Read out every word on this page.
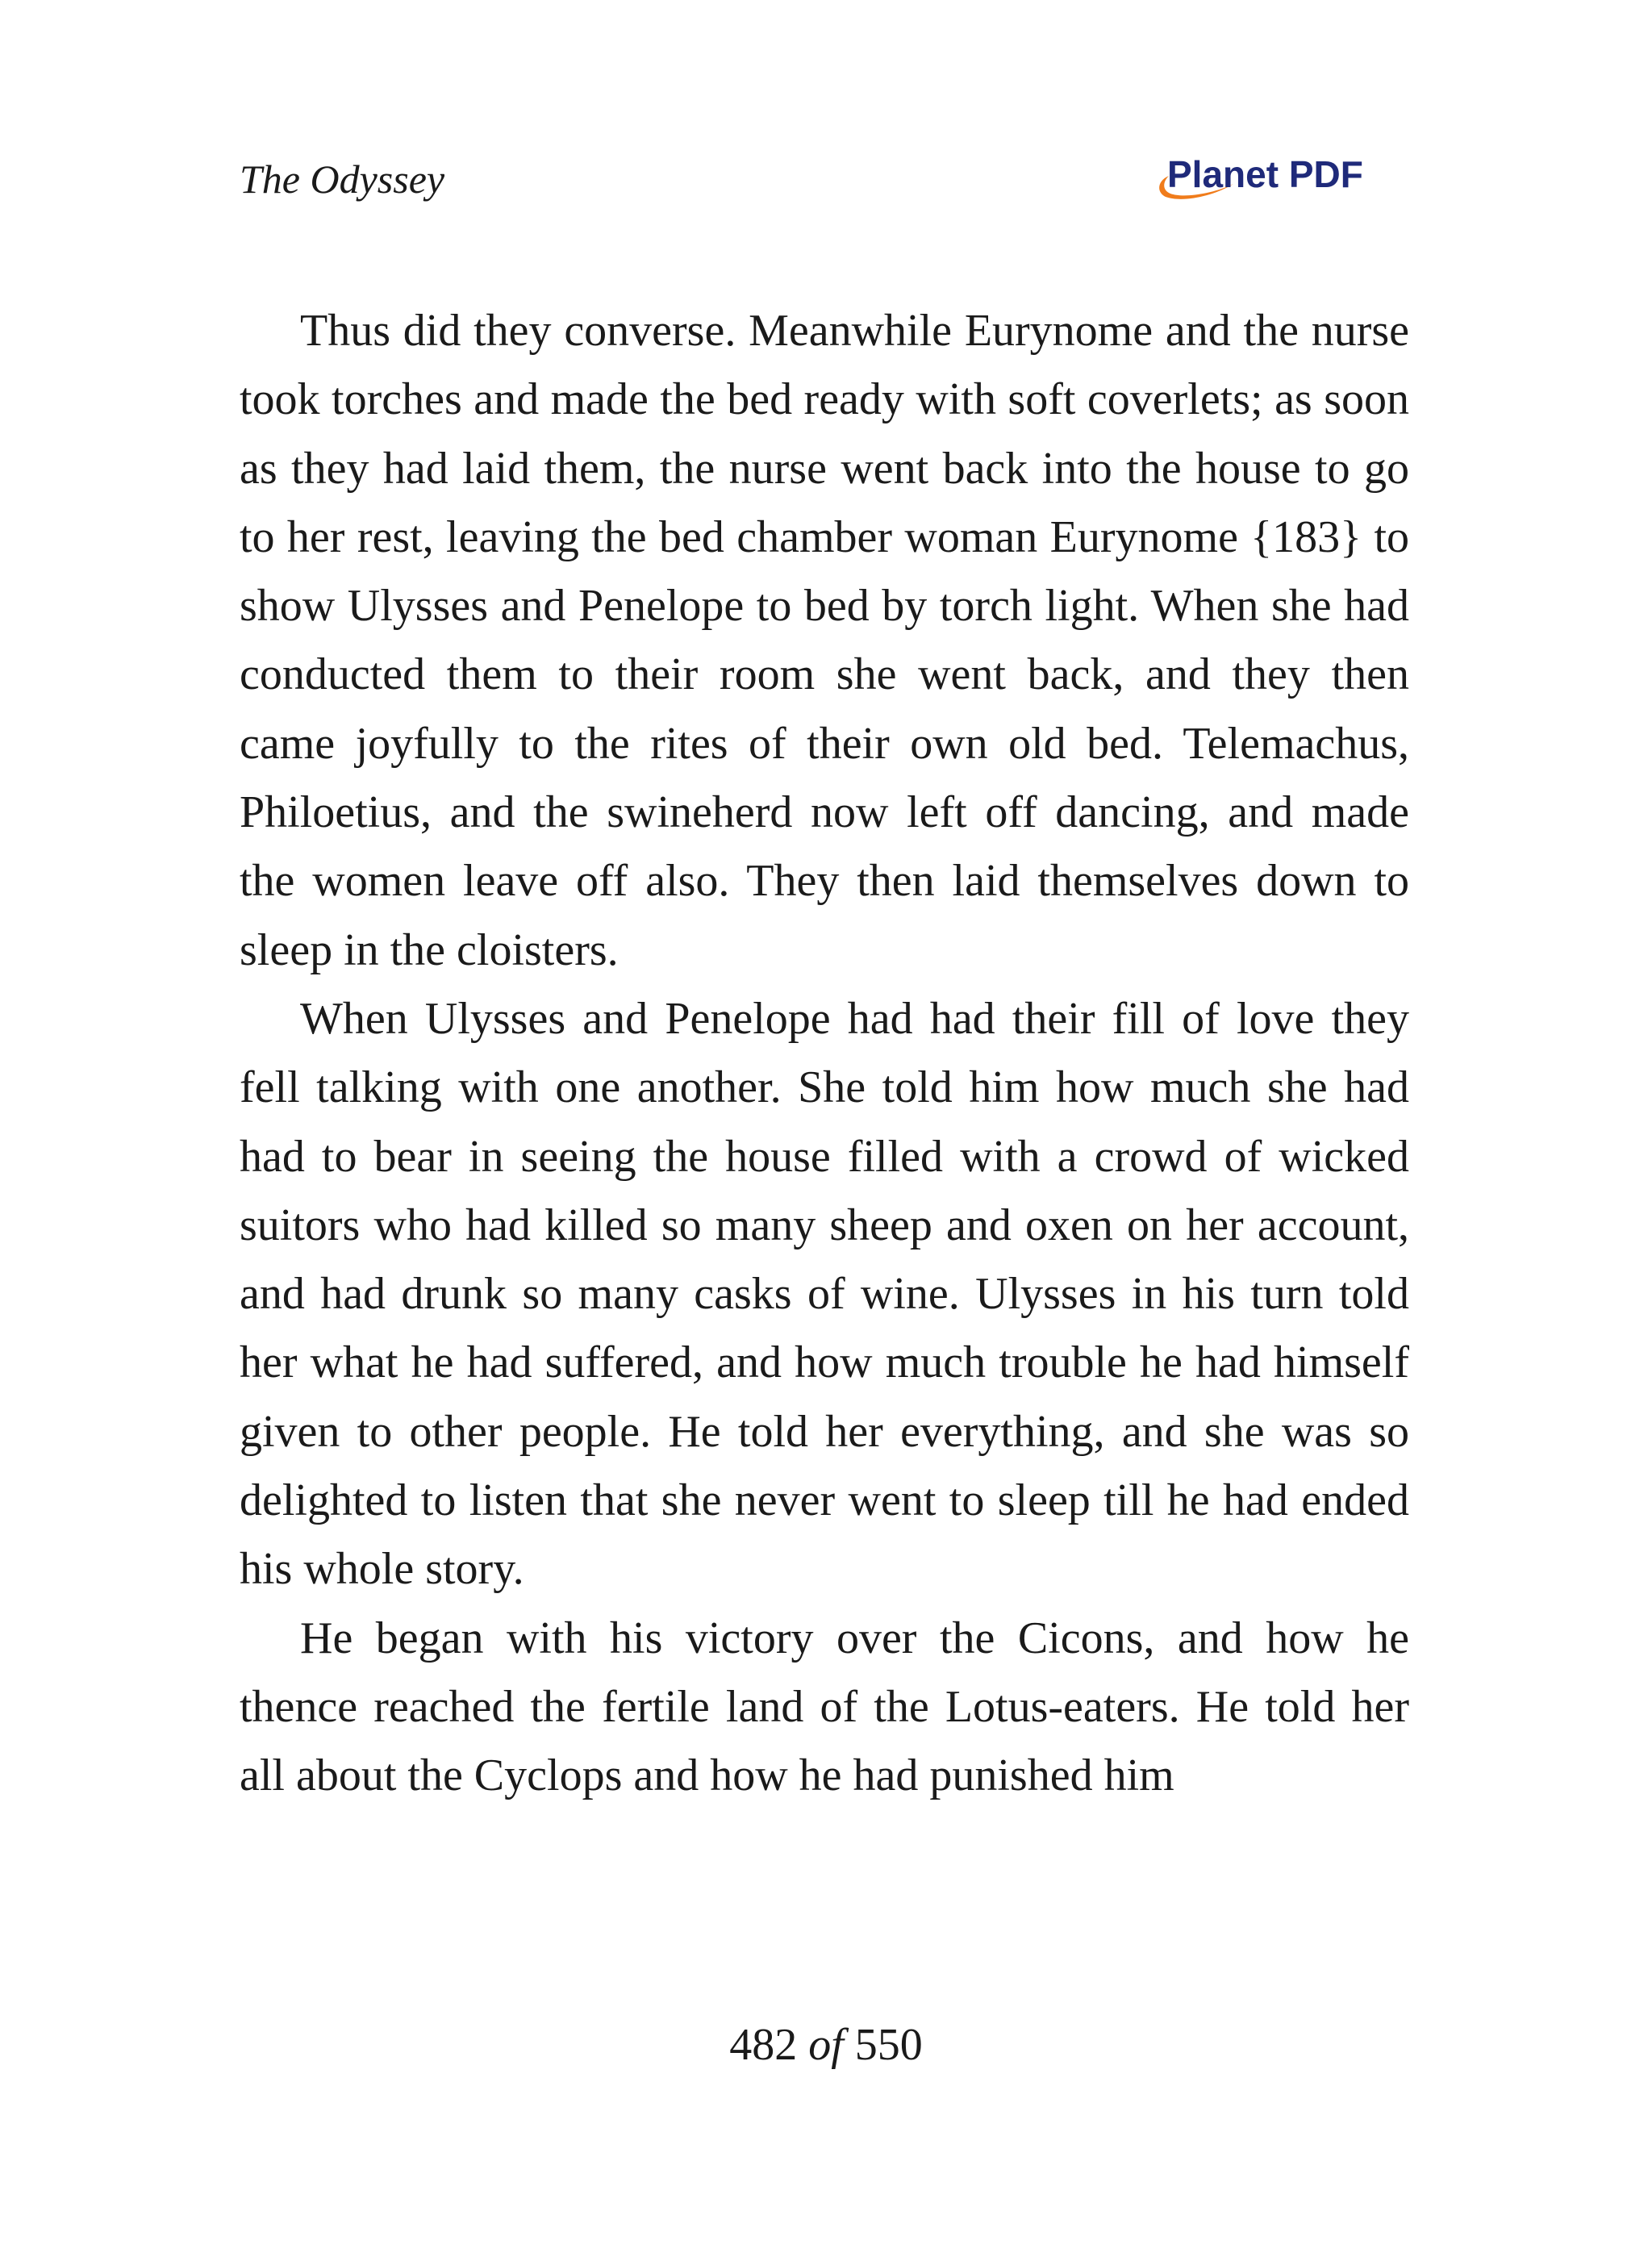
The Odyssey	Planet PDF

Thus did they converse. Meanwhile Eurynome and the nurse took torches and made the bed ready with soft coverlets; as soon as they had laid them, the nurse went back into the house to go to her rest, leaving the bed chamber woman Eurynome {183} to show Ulysses and Penelope to bed by torch light. When she had conducted them to their room she went back, and they then came joyfully to the rites of their own old bed. Telemachus, Philoetius, and the swineherd now left off dancing, and made the women leave off also. They then laid themselves down to sleep in the cloisters.

When Ulysses and Penelope had had their fill of love they fell talking with one another. She told him how much she had had to bear in seeing the house filled with a crowd of wicked suitors who had killed so many sheep and oxen on her account, and had drunk so many casks of wine. Ulysses in his turn told her what he had suffered, and how much trouble he had himself given to other people. He told her everything, and she was so delighted to listen that she never went to sleep till he had ended his whole story.

He began with his victory over the Cicons, and how he thence reached the fertile land of the Lotus-eaters. He told her all about the Cyclops and how he had punished him

482 of 550
